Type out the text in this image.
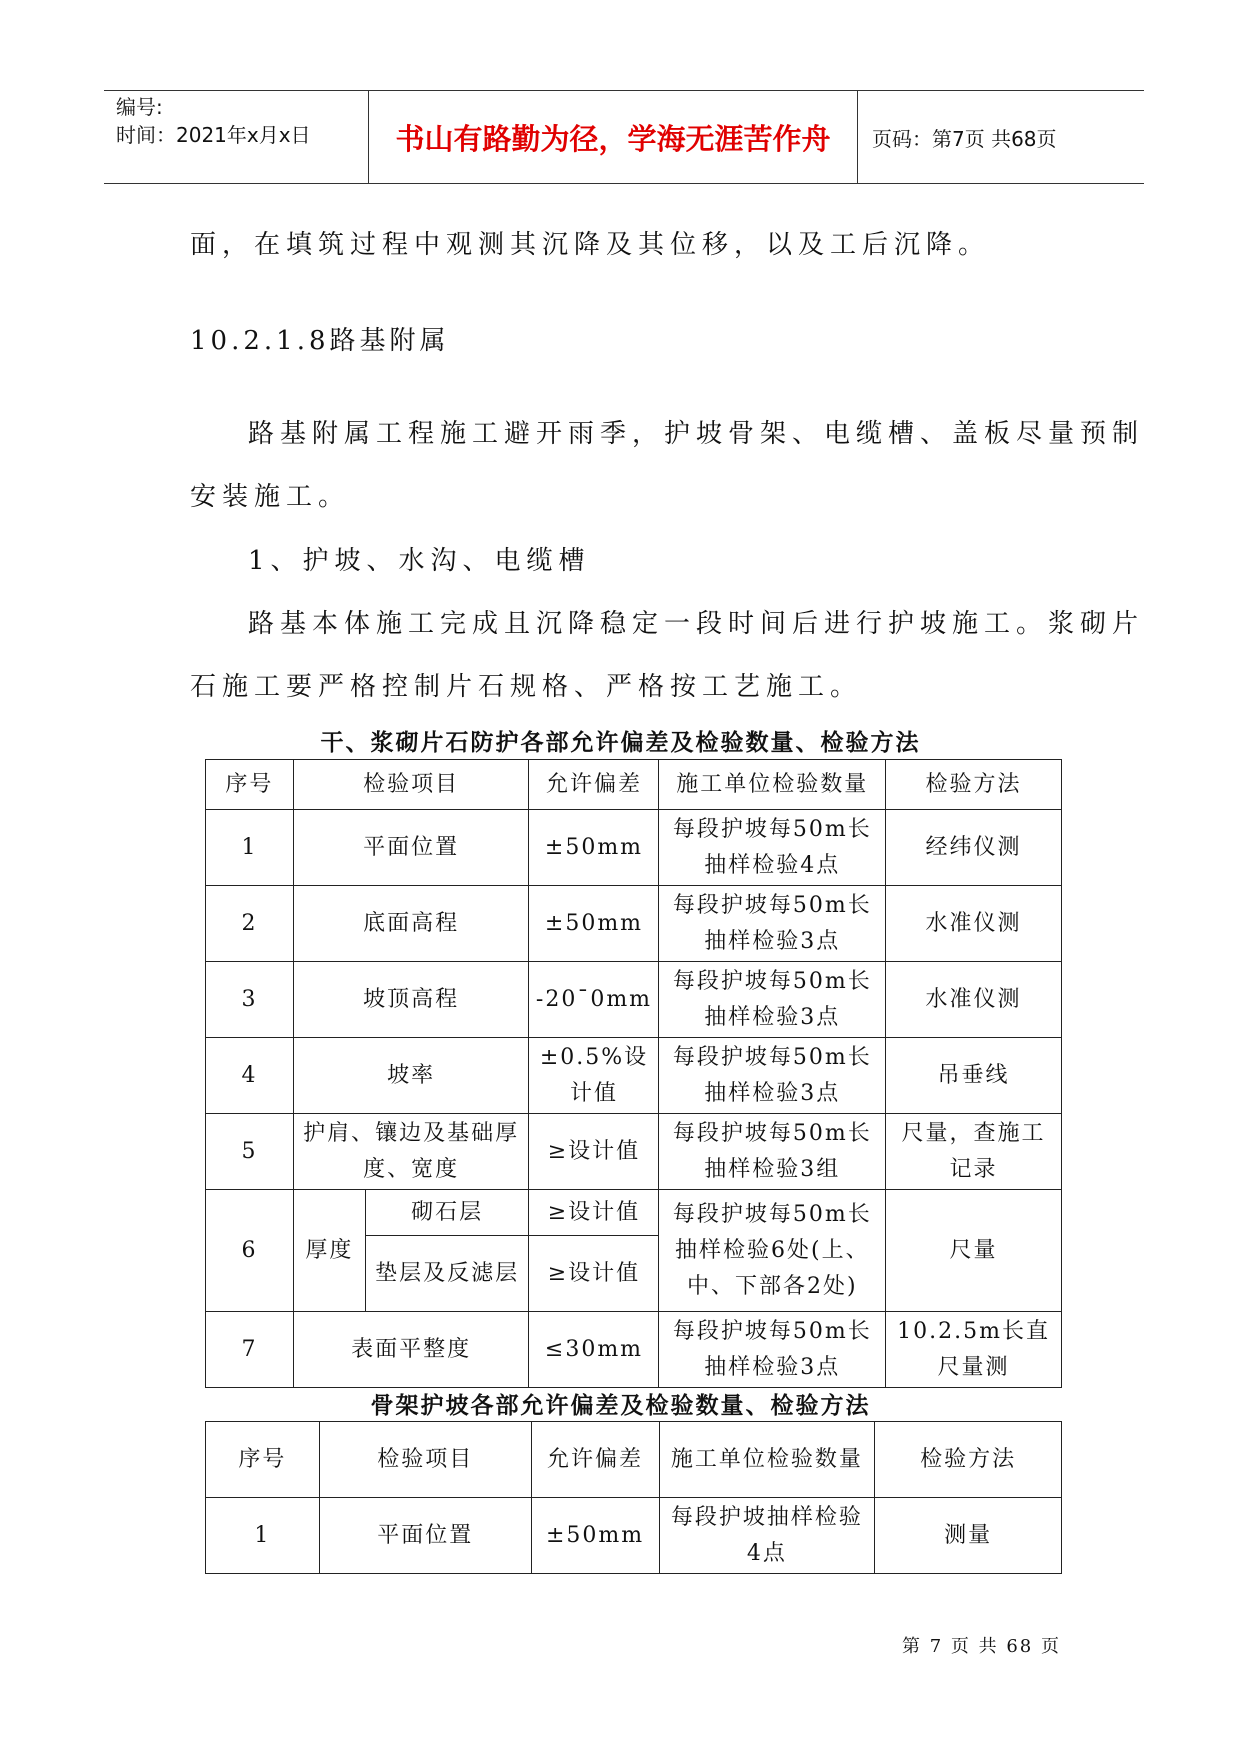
编号:
时间：2021年x月x日	书山有路勤为径，学海无涯苦作舟	页码：第7页 共68页
面，在填筑过程中观测其沉降及其位移，以及工后沉降。
10.2.1.8路基附属
路基附属工程施工避开雨季，护坡骨架、电缆槽、盖板尽量预制
安装施工。
1、护坡、水沟、电缆槽
路基本体施工完成且沉降稳定一段时间后进行护坡施工。浆砌片
石施工要严格控制片石规格、严格按工艺施工。
干、浆砌片石防护各部允许偏差及检验数量、检验方法
序号	检验项目		允许偏差	施工单位检验数量	检验方法
1	平面位置		±50mm	每段护坡每50m长抽样检验4点	经纬仪测
2	底面高程		±50mm	每段护坡每50m长抽样检验3点	水准仪测
3	坡顶高程		-20¯0mm	每段护坡每50m长抽样检验3点	水准仪测
4	坡率		±0.5%设计值	每段护坡每50m长抽样检验3点	吊垂线
5	护肩、镶边及基础厚度、宽度		≥设计值	每段护坡每50m长抽样检验3组	尺量，查施工记录
6	厚度	砌石层	≥设计值	每段护坡每50m长抽样检验6处(上、中、下部各2处)	尺量
		垫层及反滤层	≥设计值		
7	表面平整度		≤30mm	每段护坡每50m长抽样检验3点	10.2.5m长直尺量测
骨架护坡各部允许偏差及检验数量、检验方法
序号	检验项目	允许偏差	施工单位检验数量	检验方法
1	平面位置	±50mm	每段护坡抽样检验4点	测量
第 7 页 共 68 页
